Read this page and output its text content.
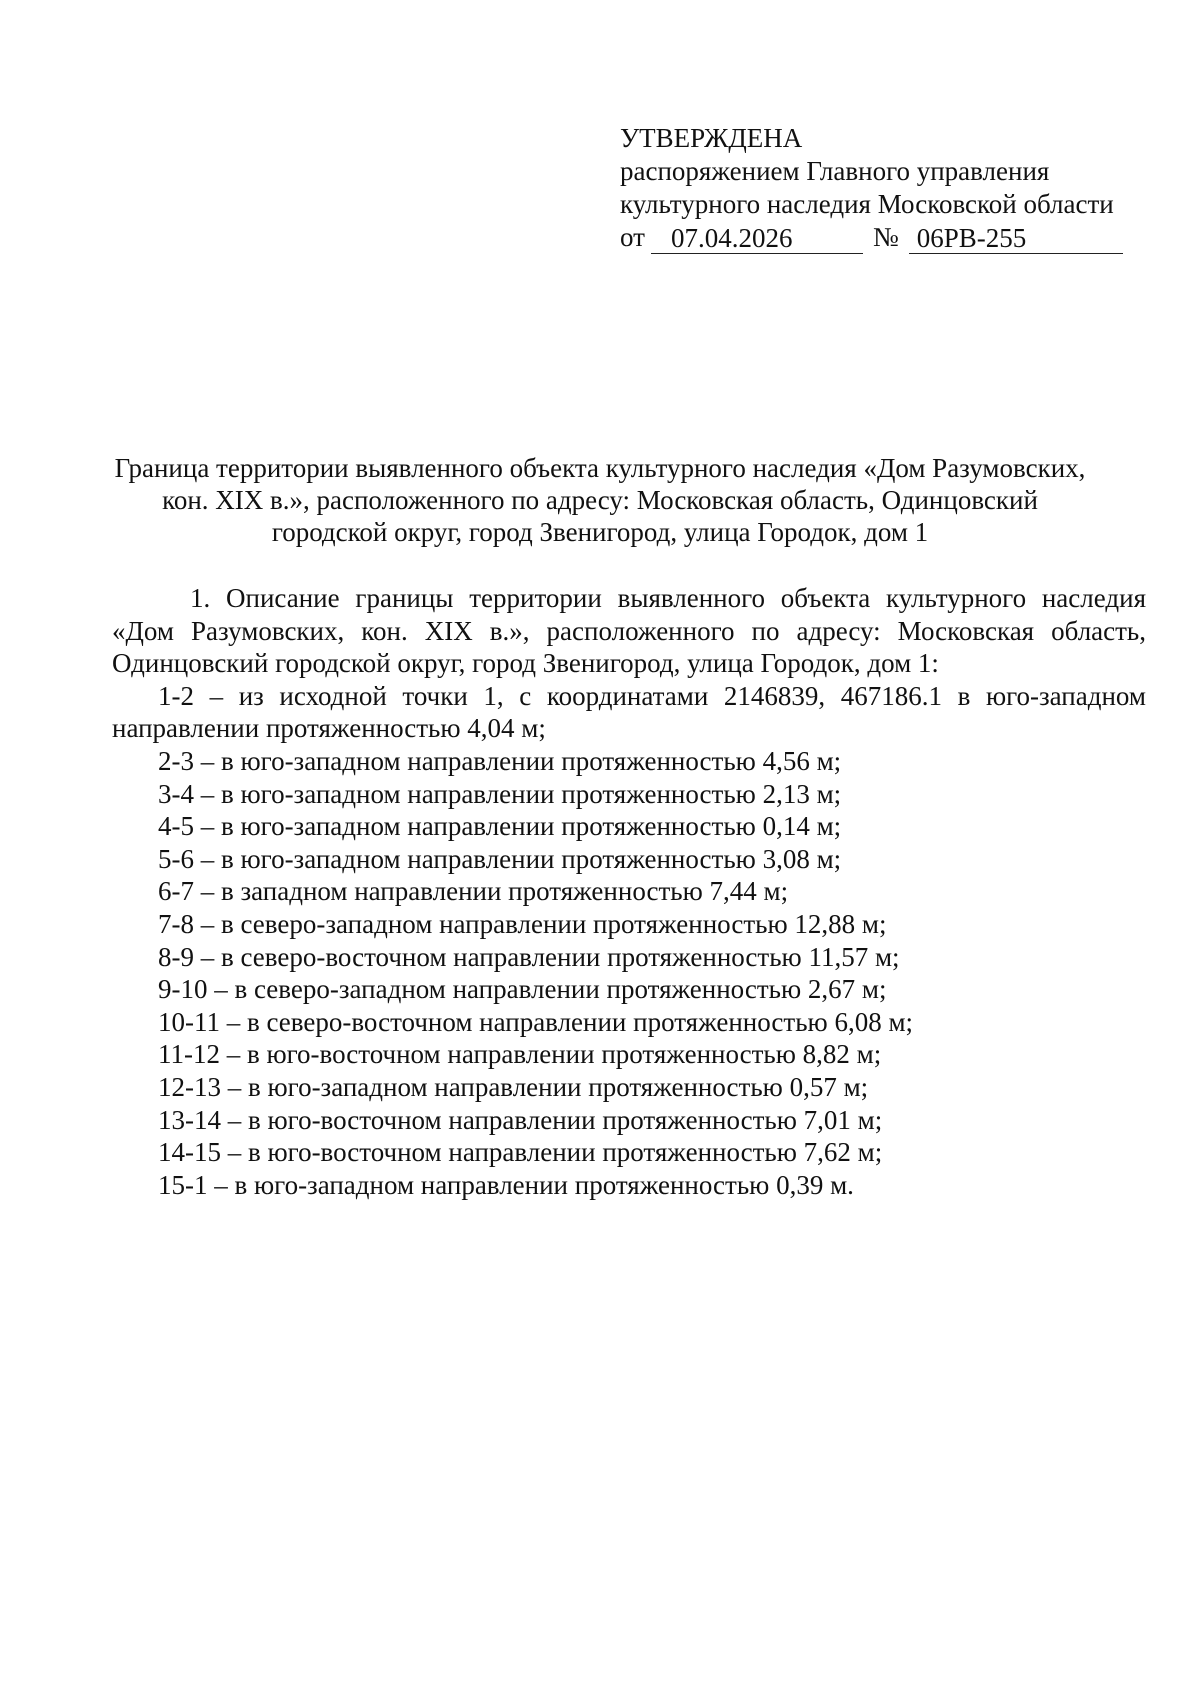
УТВЕРЖДЕНА
распоряжением Главного управления
культурного наследия Московской области
от 07.04.2026	№ 06РВ-255
Граница территории выявленного объекта культурного наследия «Дом Разумовских,
кон. XIX в.», расположенного по адресу: Московская область, Одинцовский
городской округ, город Звенигород, улица Городок, дом 1

1. Описание границы территории выявленного объекта культурного наследия «Дом Разумовских, кон. XIX в.», расположенного по адресу: Московская область, Одинцовский городской округ, город Звенигород, улица Городок, дом 1:

1-2 – из исходной точки 1, с координатами 2146839, 467186.1 в юго-западном направлении протяженностью 4,04 м;

2-3 – в юго-западном направлении протяженностью 4,56 м;

3-4 – в юго-западном направлении протяженностью 2,13 м;

4-5 – в юго-западном направлении протяженностью 0,14 м;

5-6 – в юго-западном направлении протяженностью 3,08 м;

6-7 – в западном направлении протяженностью 7,44 м;

7-8 – в северо-западном направлении протяженностью 12,88 м;

8-9 – в северо-восточном направлении протяженностью 11,57 м;

9-10 – в северо-западном направлении протяженностью 2,67 м;

10-11 – в северо-восточном направлении протяженностью 6,08 м;

11-12 – в юго-восточном направлении протяженностью 8,82 м;

12-13 – в юго-западном направлении протяженностью 0,57 м;

13-14 – в юго-восточном направлении протяженностью 7,01 м;

14-15 – в юго-восточном направлении протяженностью 7,62 м;

15-1 – в юго-западном направлении протяженностью 0,39 м.
